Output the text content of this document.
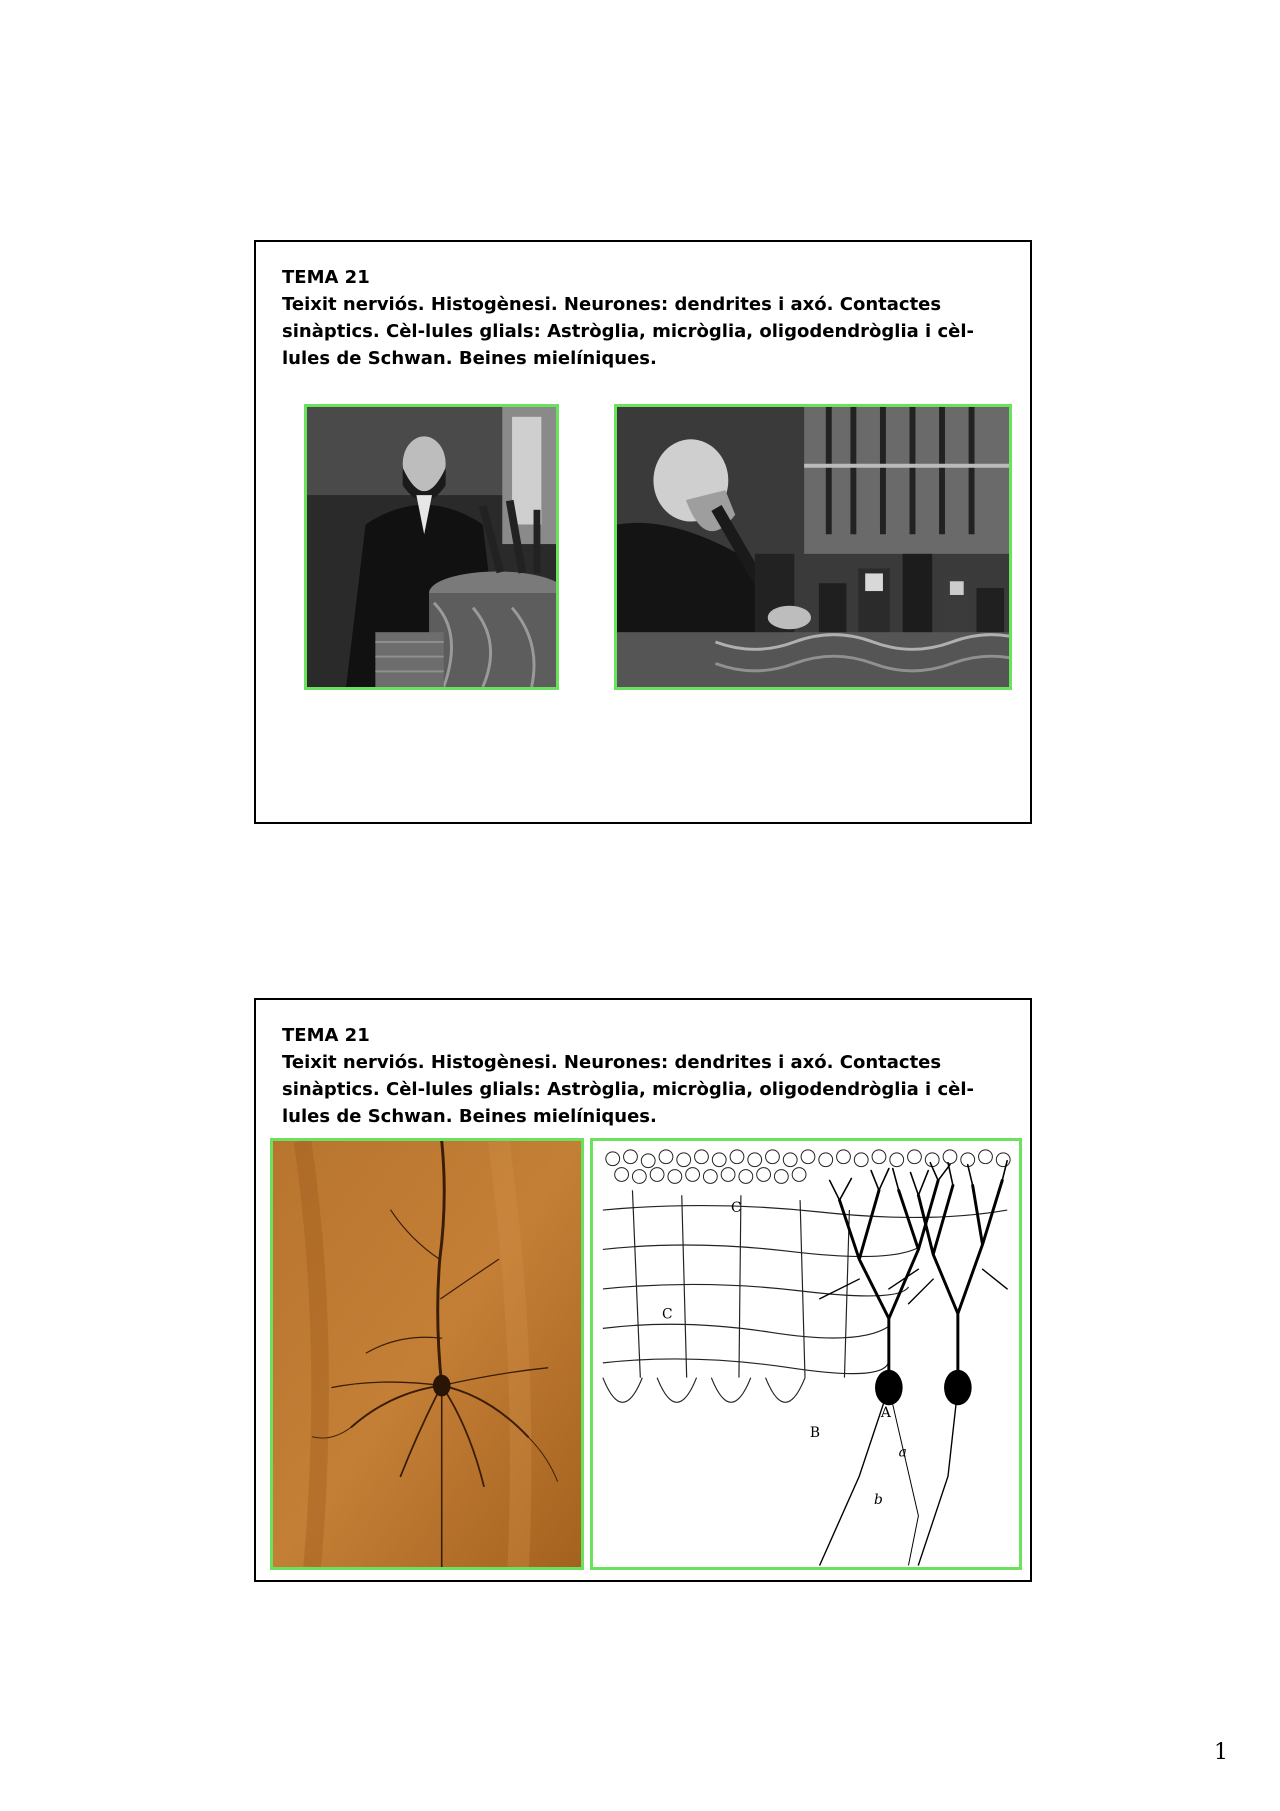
TEMA 21
Teixit nerviós. Histogènesi. Neurones: dendrites i axó. Contactes sinàptics. Cèl-lules glials: Astròglia, micròglia, oligodendròglia i cèl-lules de Schwan. Beines mielíniques.
TEMA 21
Teixit nerviós. Histogènesi. Neurones: dendrites i axó. Contactes sinàptics. Cèl-lules glials: Astròglia, micròglia, oligodendròglia i cèl-lules de Schwan. Beines mielíniques.
C
C
A
B
a
b
1
